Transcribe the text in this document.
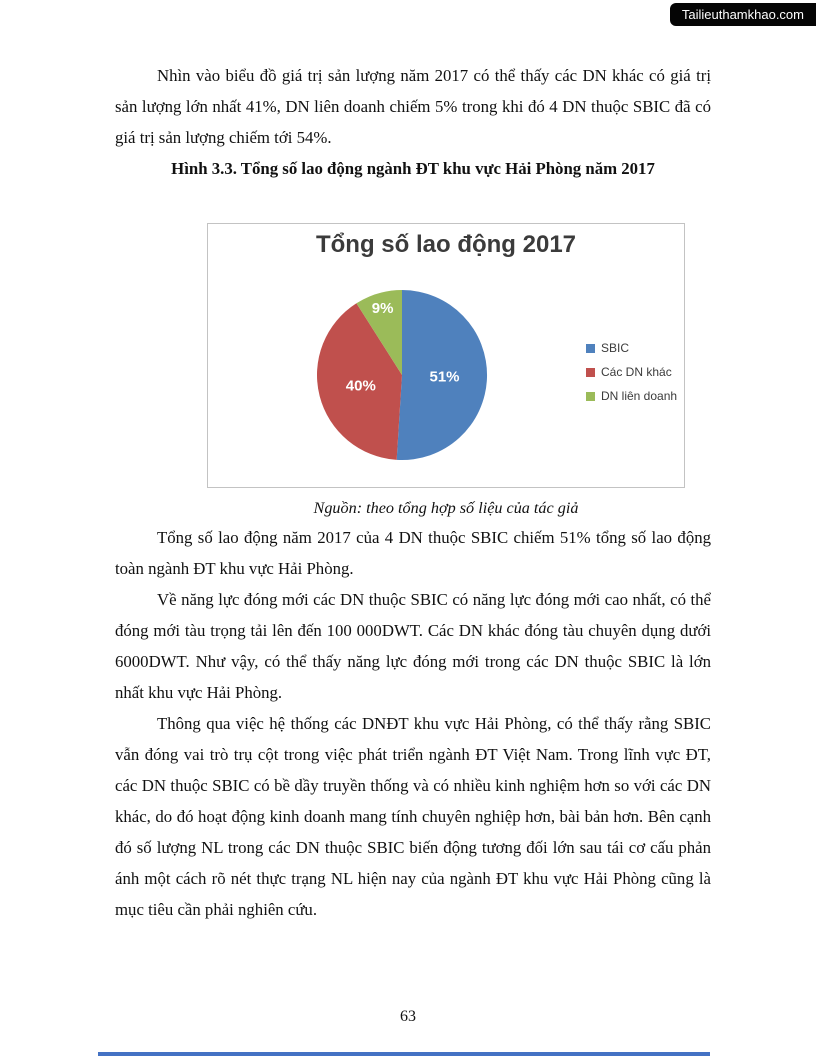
Tailieuthamkhao.com

Nhìn vào biểu đồ giá trị sản lượng năm 2017 có thể thấy các DN khác có giá trị sản lượng lớn nhất 41%, DN liên doanh chiếm 5% trong khi đó 4 DN thuộc SBIC đã có giá trị sản lượng chiếm tới 54%.

Hình 3.3. Tổng số lao động ngành ĐT khu vực Hải Phòng năm 2017

Tổng số lao động 2017
51%
40%
9%
SBIC
Các DN khác
DN liên doanh
Nguồn: theo tổng hợp số liệu của tác giả

Tổng số lao động năm 2017 của 4 DN thuộc SBIC chiếm 51% tổng số lao động toàn ngành ĐT khu vực Hải Phòng.

Về năng lực đóng mới các DN thuộc SBIC có năng lực đóng mới cao nhất, có thể đóng mới tàu trọng tải lên đến 100 000DWT. Các DN khác đóng tàu chuyên dụng dưới 6000DWT. Như vậy, có thể thấy năng lực đóng mới trong các DN thuộc SBIC là lớn nhất khu vực Hải Phòng.

Thông qua việc hệ thống các DNĐT khu vực Hải Phòng, có thể thấy rằng SBIC vẫn đóng vai trò trụ cột trong việc phát triển ngành ĐT Việt Nam. Trong lĩnh vực ĐT, các DN thuộc SBIC có bề dầy truyền thống và có nhiều kinh nghiệm hơn so với các DN khác, do đó hoạt động kinh doanh mang tính chuyên nghiệp hơn, bài bản hơn. Bên cạnh đó số lượng NL trong các DN thuộc SBIC biến động tương đối lớn sau tái cơ cấu phản ánh một cách rõ nét thực trạng NL hiện nay của ngành ĐT khu vực Hải Phòng cũng là mục tiêu cần phải nghiên cứu.

63
